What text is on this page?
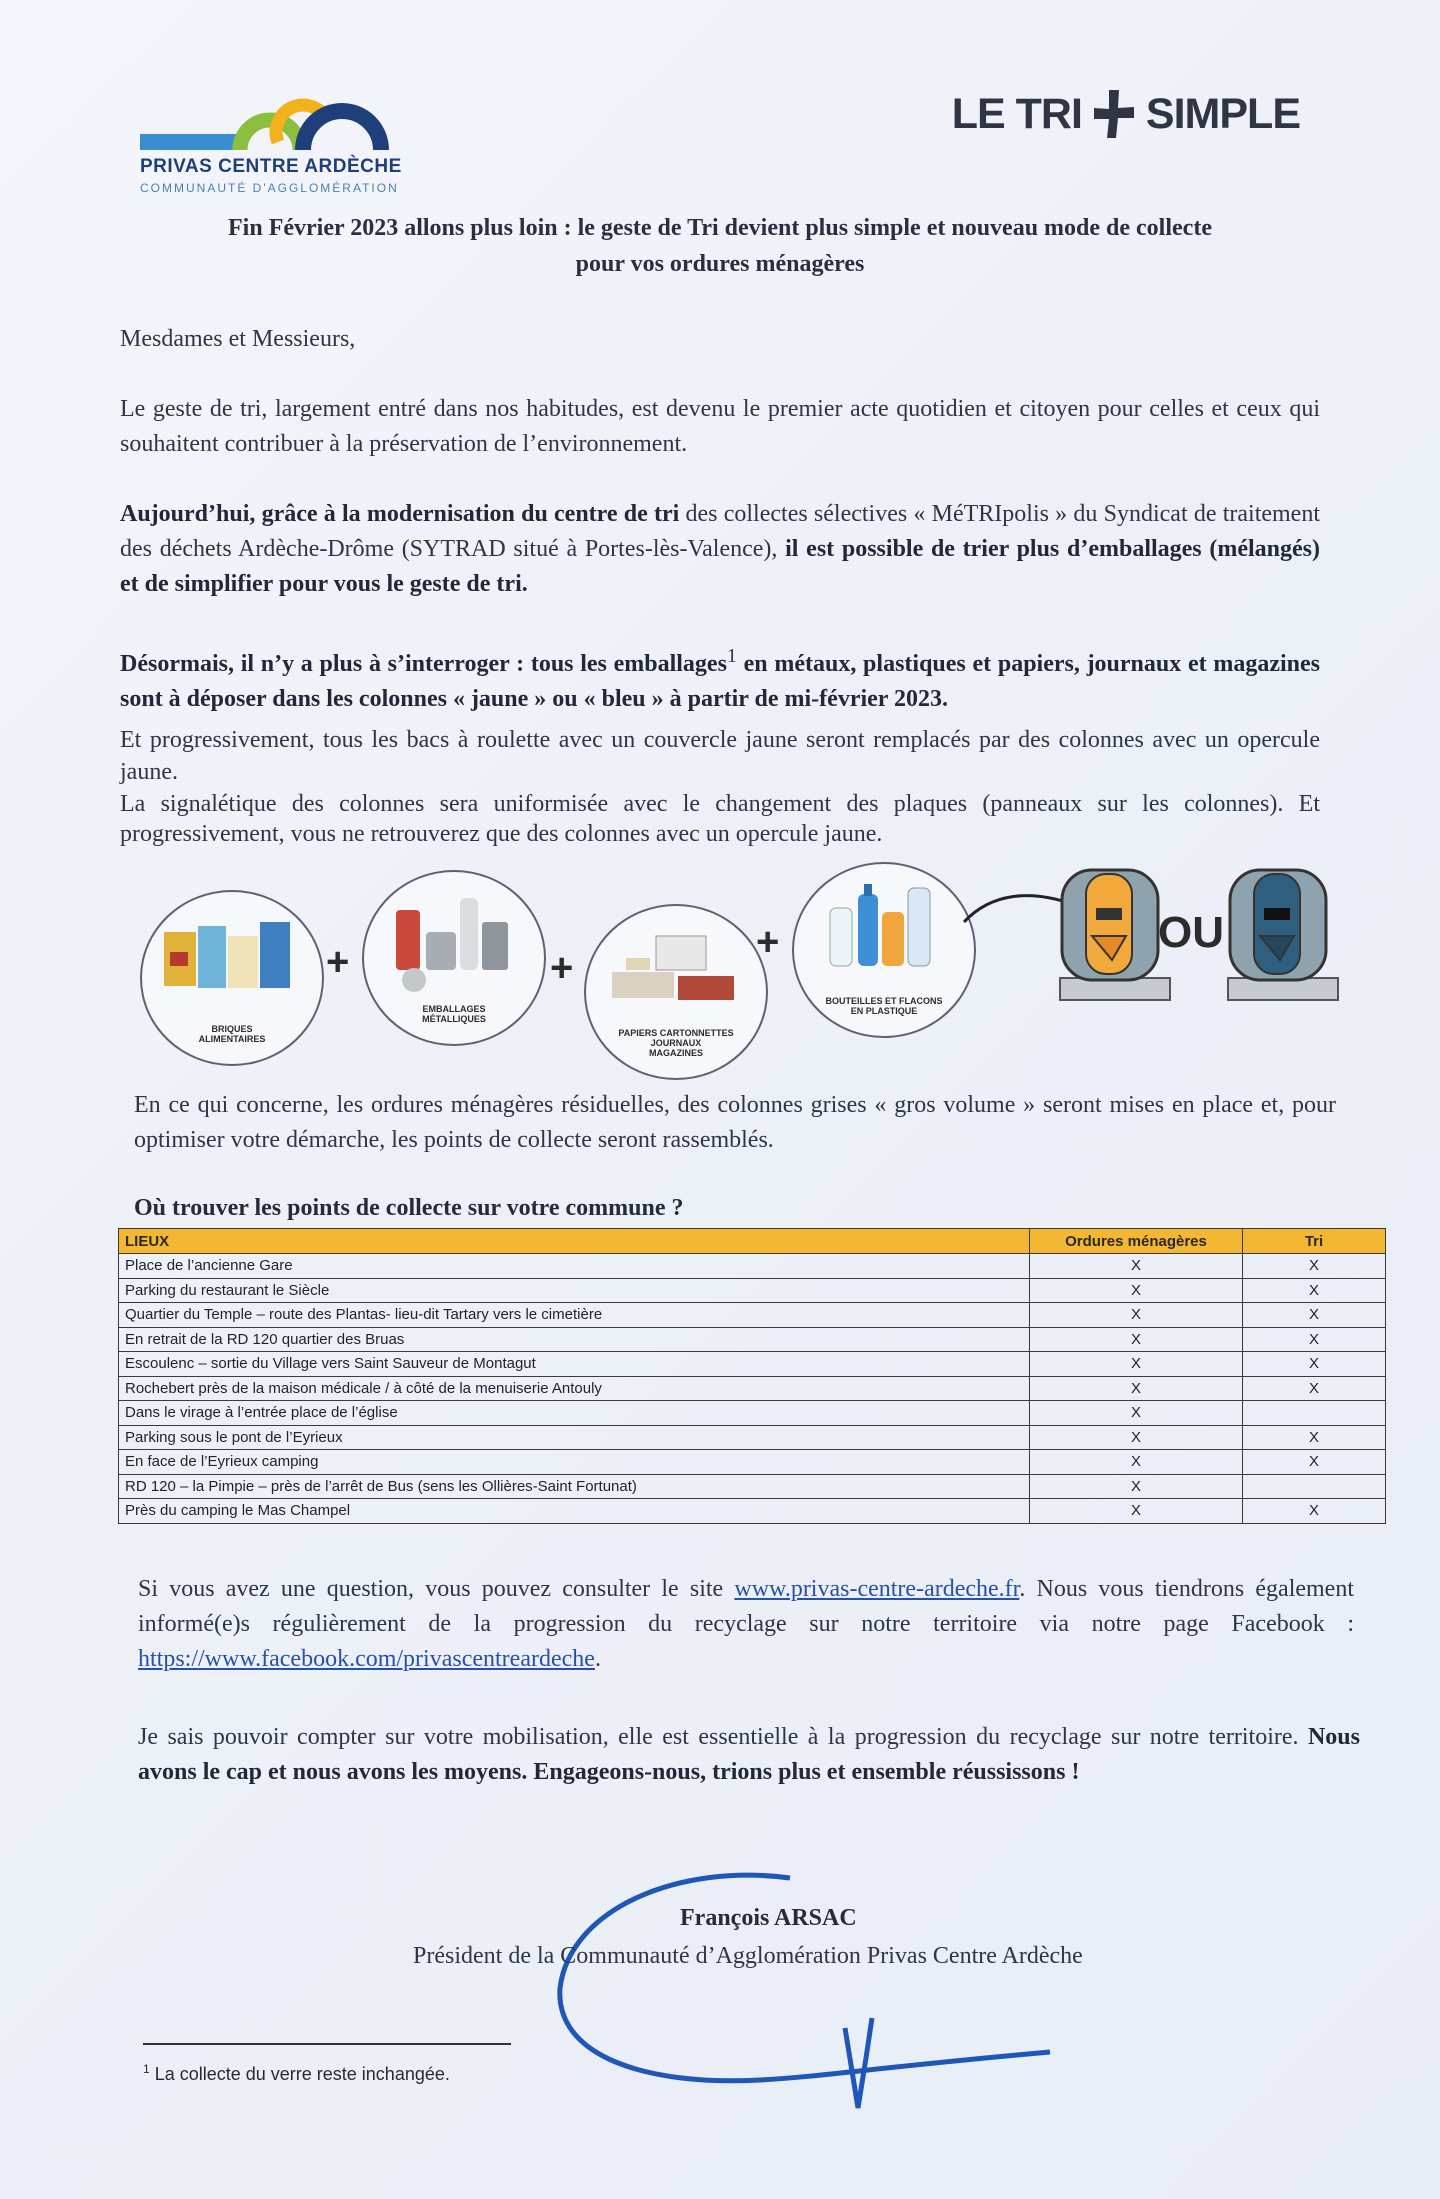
PRIVAS CENTRE ARDÈCHE
COMMUNAUTÉ D'AGGLOMÉRATION
LE TRI SIMPLE
Fin Février 2023 allons plus loin : le geste de Tri devient plus simple et nouveau mode de collecte
pour vos ordures ménagères
Mesdames et Messieurs,
Le geste de tri, largement entré dans nos habitudes, est devenu le premier acte quotidien et citoyen pour celles et ceux qui souhaitent contribuer à la préservation de l’environnement.
Aujourd’hui, grâce à la modernisation du centre de tri des collectes sélectives « MéTRIpolis » du Syndicat de traitement des déchets Ardèche-Drôme (SYTRAD situé à Portes-lès-Valence), il est possible de trier plus d’emballages (mélangés) et de simplifier pour vous le geste de tri.
Désormais, il n’y a plus à s’interroger : tous les emballages$^1$ en métaux, plastiques et papiers, journaux et magazines sont à déposer dans les colonnes « jaune » ou « bleu » à partir de mi-février 2023.
Et progressivement, tous les bacs à roulette avec un couvercle jaune seront remplacés par des colonnes avec un opercule jaune.
La signalétique des colonnes sera uniformisée avec le changement des plaques (panneaux sur les colonnes). Et progressivement, vous ne retrouverez que des colonnes avec un opercule jaune.
BRIQUES
ALIMENTAIRES
+
EMBALLAGES
MÉTALLIQUES
+
PAPIERS CARTONNETTES
JOURNAUX
MAGAZINES
+
BOUTEILLES ET FLACONS
EN PLASTIQUE
OU
En ce qui concerne, les ordures ménagères résiduelles, des colonnes grises « gros volume » seront mises en place et, pour optimiser votre démarche, les points de collecte seront rassemblés.
Où trouver les points de collecte sur votre commune ?
LIEUX	Ordures ménagères	Tri
Place de l’ancienne Gare	X	X
Parking du restaurant le Siècle	X	X
Quartier du Temple – route des Plantas- lieu-dit Tartary vers le cimetière	X	X
En retrait de la RD 120 quartier des Bruas	X	X
Escoulenc – sortie du Village vers Saint Sauveur de Montagut	X	X
Rochebert près de la maison médicale / à côté de la menuiserie Antouly	X	X
Dans le virage à l’entrée place de l’église	X	
Parking sous le pont de l’Eyrieux	X	X
En face de l’Eyrieux camping	X	X
RD 120 – la Pimpie – près de l’arrêt de Bus (sens les Ollières-Saint Fortunat)	X	
Près du camping le Mas Champel	X	X
Si vous avez une question, vous pouvez consulter le site www.privas-centre-ardeche.fr. Nous vous tiendrons également informé(e)s régulièrement de la progression du recyclage sur notre territoire via notre page Facebook : https://www.facebook.com/privascentreardeche.
Je sais pouvoir compter sur votre mobilisation, elle est essentielle à la progression du recyclage sur notre territoire. Nous avons le cap et nous avons les moyens. Engageons-nous, trions plus et ensemble réussissons !
François ARSAC
Président de la Communauté d’Agglomération Privas Centre Ardèche
$^1$ La collecte du verre reste inchangée.
